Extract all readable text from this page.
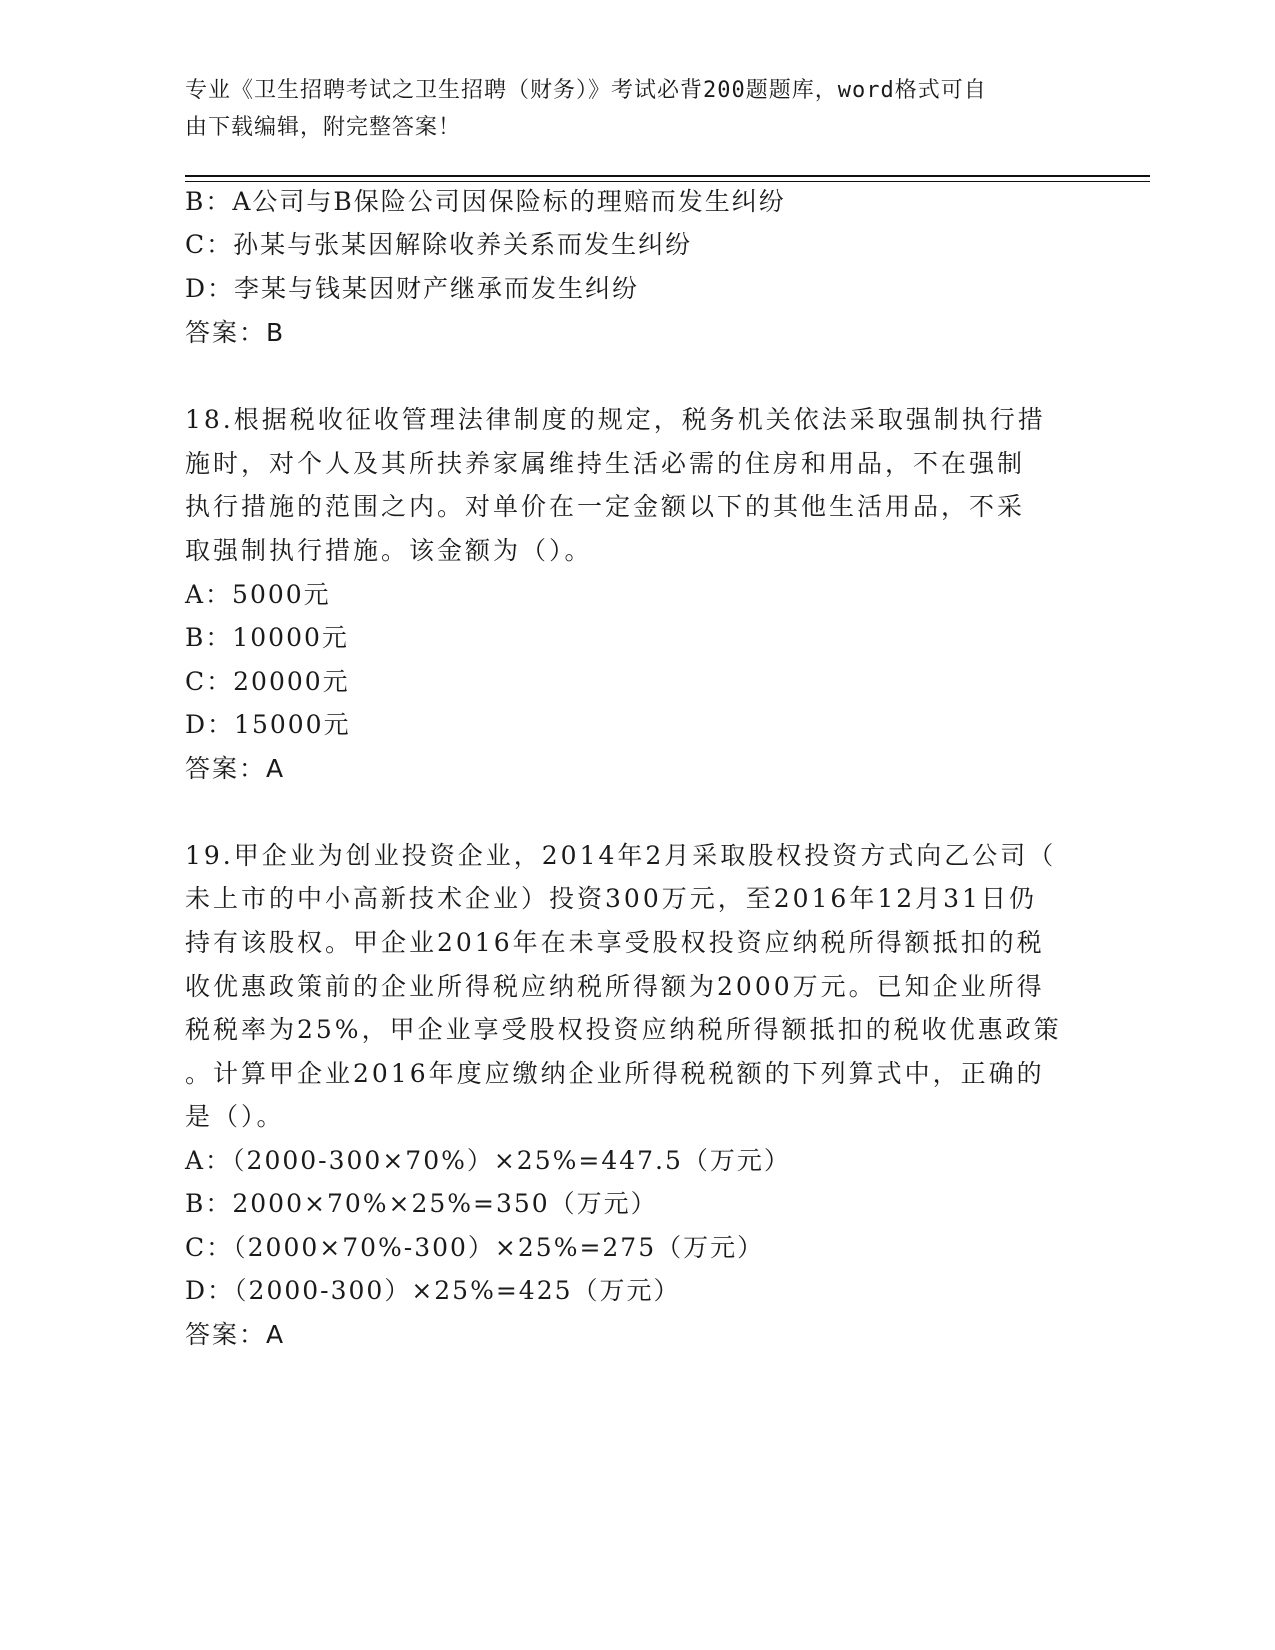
专业《卫生招聘考试之卫生招聘（财务）》考试必背200题题库，word格式可自
由下载编辑，附完整答案！
B：A公司与B保险公司因保险标的理赔而发生纠纷
C：孙某与张某因解除收养关系而发生纠纷
D：李某与钱某因财产继承而发生纠纷
答案：B
18.根据税收征收管理法律制度的规定，税务机关依法采取强制执行措
施时，对个人及其所扶养家属维持生活必需的住房和用品，不在强制
执行措施的范围之内。对单价在一定金额以下的其他生活用品，不采
取强制执行措施。该金额为（）。
A：5000元
B：10000元
C：20000元
D：15000元
答案：A
19.甲企业为创业投资企业，2014年2月采取股权投资方式向乙公司（
未上市的中小高新技术企业）投资300万元，至2016年12月31日仍
持有该股权。甲企业2016年在未享受股权投资应纳税所得额抵扣的税
收优惠政策前的企业所得税应纳税所得额为2000万元。已知企业所得
税税率为25%，甲企业享受股权投资应纳税所得额抵扣的税收优惠政策
。计算甲企业2016年度应缴纳企业所得税税额的下列算式中，正确的
是（）。
A：（2000-300×70%）×25%=447.5（万元）
B：2000×70%×25%=350（万元）
C：（2000×70%-300）×25%=275（万元）
D：（2000-300）×25%=425（万元）
答案：A
